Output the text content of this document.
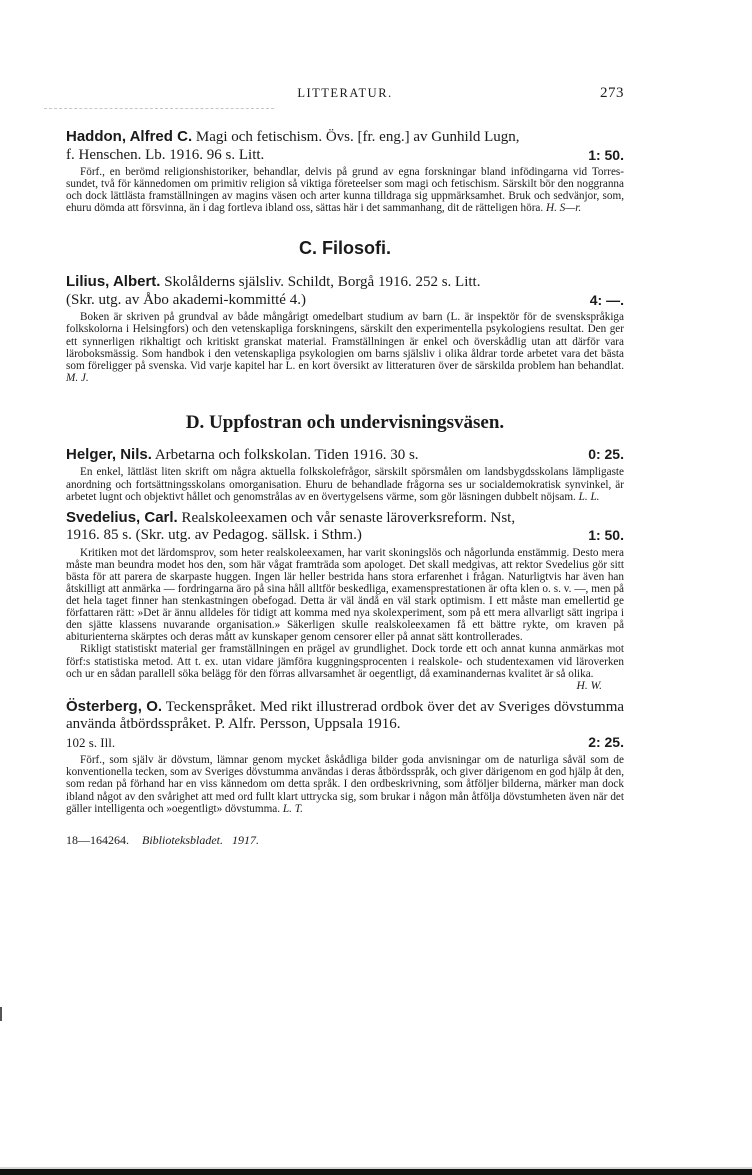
LITTERATUR.	273
Haddon, Alfred C. Magi och fetischism. Övs. [fr. eng.] av Gunhild Lugn,
1: 50.
f. Henschen. Lb. 1916. 96 s. Litt.
Förf., en berömd religionshistoriker, behandlar, delvis på grund av egna forskningar bland infödingarna vid Torres-sundet, två för kännedomen om primitiv religion så viktiga företeelser som magi och fetischism. Särskilt bör den noggranna och dock lättlästa framställningen av magins väsen och arter kunna tilldraga sig uppmärksamhet. Bruk och sedvänjor, som, ehuru dömda att försvinna, än i dag fortleva ibland oss, sättas här i det sammanhang, dit de rätteligen höra. H. S—r.
C. Filosofi.
Lilius, Albert. Skolålderns själsliv. Schildt, Borgå 1916. 252 s. Litt.
4: —.
(Skr. utg. av Åbo akademi-kommitté 4.)
Boken är skriven på grundval av både mångårigt omedelbart studium av barn (L. är inspektör för de svenskspråkiga folkskolorna i Helsingfors) och den vetenskapliga forskningens, särskilt den experimentella psykologiens resultat. Den ger ett synnerligen rikhaltigt och kritiskt granskat material. Framställningen är enkel och överskådlig utan att därför vara läroboksmässig. Som handbok i den vetenskapliga psykologien om barns själsliv i olika åldrar torde arbetet vara det bästa som föreligger på svenska. Vid varje kapitel har L. en kort översikt av litteraturen över de särskilda problem han behandlat. M. J.
D. Uppfostran och undervisningsväsen.
0: 25.
Helger, Nils. Arbetarna och folkskolan. Tiden 1916. 30 s.
En enkel, lättläst liten skrift om några aktuella folkskolefrågor, särskilt spörsmålen om landsbygdsskolans lämpligaste anordning och fortsättningsskolans omorganisation. Ehuru de behandlade frågorna ses ur socialdemokratisk synvinkel, är arbetet lugnt och objektivt hållet och genomstrålas av en övertygelsens värme, som gör läsningen dubbelt nöjsam. L. L.
Svedelius, Carl. Realskoleexamen och vår senaste läroverksreform. Nst,
1: 50.
1916. 85 s. (Skr. utg. av Pedagog. sällsk. i Sthm.)
Kritiken mot det lärdomsprov, som heter realskoleexamen, har varit skoningslös och någorlunda enstämmig. Desto mera måste man beundra modet hos den, som här vågat framträda som apologet. Det skall medgivas, att rektor Svedelius gör sitt bästa för att parera de skarpaste huggen. Ingen lär heller bestrida hans stora erfarenhet i frågan. Naturligtvis har även han åtskilligt att anmärka — fordringarna äro på sina håll alltför beskedliga, examensprestationen är ofta klen o. s. v. —, men på det hela taget finner han stenkastningen obefogad. Detta är väl ändå en väl stark optimism. I ett måste man emellertid ge författaren rätt: »Det är ännu alldeles för tidigt att komma med nya skolexperiment, som på ett mera allvarligt sätt ingripa i den sjätte klassens nuvarande organisation.» Säkerligen skulle realskoleexamen få ett bättre rykte, om kraven på abiturienterna skärptes och deras mått av kunskaper genom censorer eller på annat sätt kontrollerades.
Rikligt statistiskt material ger framställningen en prägel av grundlighet. Dock torde ett och annat kunna anmärkas mot förf:s statistiska metod. Att t. ex. utan vidare jämföra kuggningsprocenten i realskole- och studentexamen vid läroverken och ur en sådan parallell söka belägg för den förras allvarsamhet är oegentligt, då examinandernas kvalitet är så olika.
H. W.
Österberg, O. Teckenspråket. Med rikt illustrerad ordbok över det av Sveriges dövstumma använda åtbördsspråket. P. Alfr. Persson, Uppsala 1916.
2: 25.
102 s. Ill.
Förf., som själv är dövstum, lämnar genom mycket åskådliga bilder goda anvisningar om de naturliga såväl som de konventionella tecken, som av Sveriges dövstumma användas i deras åtbördsspråk, och giver därigenom en god hjälp åt den, som redan på förhand har en viss kännedom om detta språk. I den ordbeskrivning, som åtföljer bilderna, märker man dock ibland något av den svårighet att med ord fullt klart uttrycka sig, som brukar i någon mån åtfölja dövstumheten även när det gäller intelligenta och »oegentligt» dövstumma. L. T.
18—164264. Biblioteksbladet. 1917.
